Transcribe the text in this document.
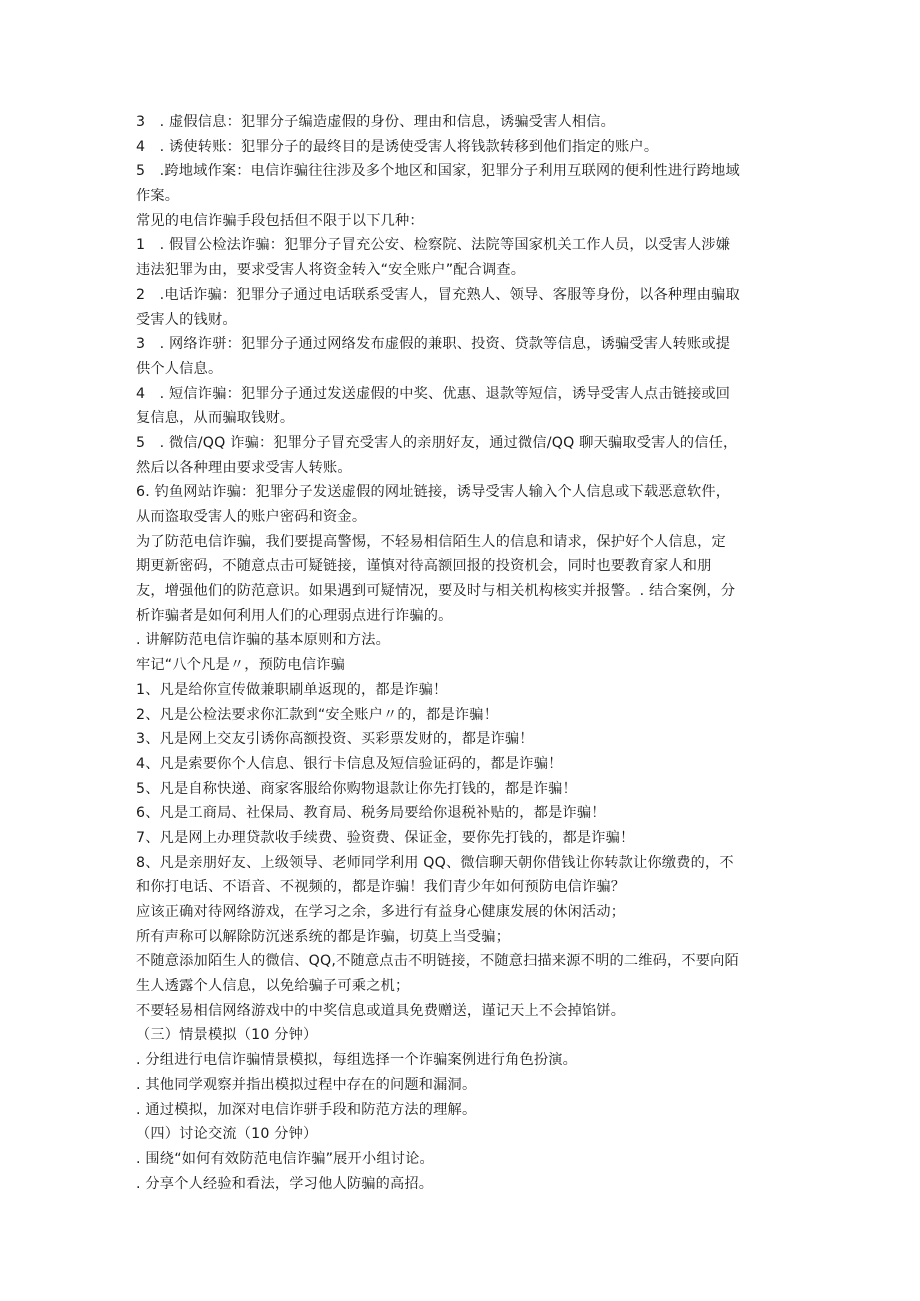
3　. 虚假信息：犯罪分子编造虚假的身份、理由和信息，诱骗受害人相信。
4　. 诱使转账：犯罪分子的最终目的是诱使受害人将钱款转移到他们指定的账户。
5　.跨地域作案：电信诈骗往往涉及多个地区和国家，犯罪分子利用互联网的便利性进行跨地域
作案。
常见的电信诈骗手段包括但不限于以下几种：
1　. 假冒公检法诈骗：犯罪分子冒充公安、检察院、法院等国家机关工作人员，以受害人涉嫌
违法犯罪为由，要求受害人将资金转入“安全账户”配合调查。
2　.电话诈骗：犯罪分子通过电话联系受害人，冒充熟人、领导、客服等身份，以各种理由骗取
受害人的钱财。
3　. 网络诈骈：犯罪分子通过网络发布虚假的兼职、投资、贷款等信息，诱骗受害人转账或提
供个人信息。
4　. 短信诈骗：犯罪分子通过发送虚假的中奖、优惠、退款等短信，诱导受害人点击链接或回
复信息，从而骗取钱财。
5　. 微信/QQ 诈骗：犯罪分子冒充受害人的亲朋好友，通过微信/QQ 聊天骗取受害人的信任，
然后以各种理由要求受害人转账。
6. 钓鱼网站诈骗：犯罪分子发送虚假的网址链接，诱导受害人输入个人信息或下载恶意软件，
从而盗取受害人的账户密码和资金。
为了防范电信诈骗，我们要提高警惕，不轻易相信陌生人的信息和请求，保护好个人信息，定
期更新密码，不随意点击可疑链接，谨慎对待高额回报的投资机会，同时也要教育家人和朋
友，增强他们的防范意识。如果遇到可疑情况，要及时与相关机构核实并报警。. 结合案例，分
析诈骗者是如何利用人们的心理弱点进行诈骗的。
. 讲解防范电信诈骗的基本原则和方法。
牢记“八个凡是〃，预防电信诈骗
1、凡是给你宣传做兼职刷单返现的，都是诈骗！
2、凡是公检法要求你汇款到“安全账户〃的，都是诈骗！
3、凡是网上交友引诱你高额投资、买彩票发财的，都是诈骗！
4、凡是索要你个人信息、银行卡信息及短信验证码的，都是诈骗！
5、凡是自称快递、商家客服给你购物退款让你先打钱的，都是诈骗！
6、凡是工商局、社保局、教育局、税务局要给你退税补贴的，都是诈骗！
7、凡是网上办理贷款收手续费、验资费、保证金，要你先打钱的，都是诈骗！
8、凡是亲朋好友、上级领导、老师同学利用 QQ、微信聊天朝你借钱让你转款让你缴费的，不
和你打电话、不语音、不视频的，都是诈骗！我们青少年如何预防电信诈骗？
应该正确对待网络游戏，在学习之余，多进行有益身心健康发展的休闲活动；
所有声称可以解除防沉迷系统的都是诈骗，切莫上当受骗；
不随意添加陌生人的微信、QQ,不随意点击不明链接，不随意扫描来源不明的二维码，不要向陌
生人透露个人信息，以免给骗子可乘之机；
不要轻易相信网络游戏中的中奖信息或道具免费赠送，谨记天上不会掉馅饼。
（三）情景模拟（10 分钟）
. 分组进行电信诈骗情景模拟，每组选择一个诈骗案例进行角色扮演。
. 其他同学观察并指出模拟过程中存在的问题和漏洞。
. 通过模拟，加深对电信诈骈手段和防范方法的理解。
（四）讨论交流（10 分钟）
. 围绕“如何有效防范电信诈骗”展开小组讨论。
. 分享个人经验和看法，学习他人防骗的高招。
